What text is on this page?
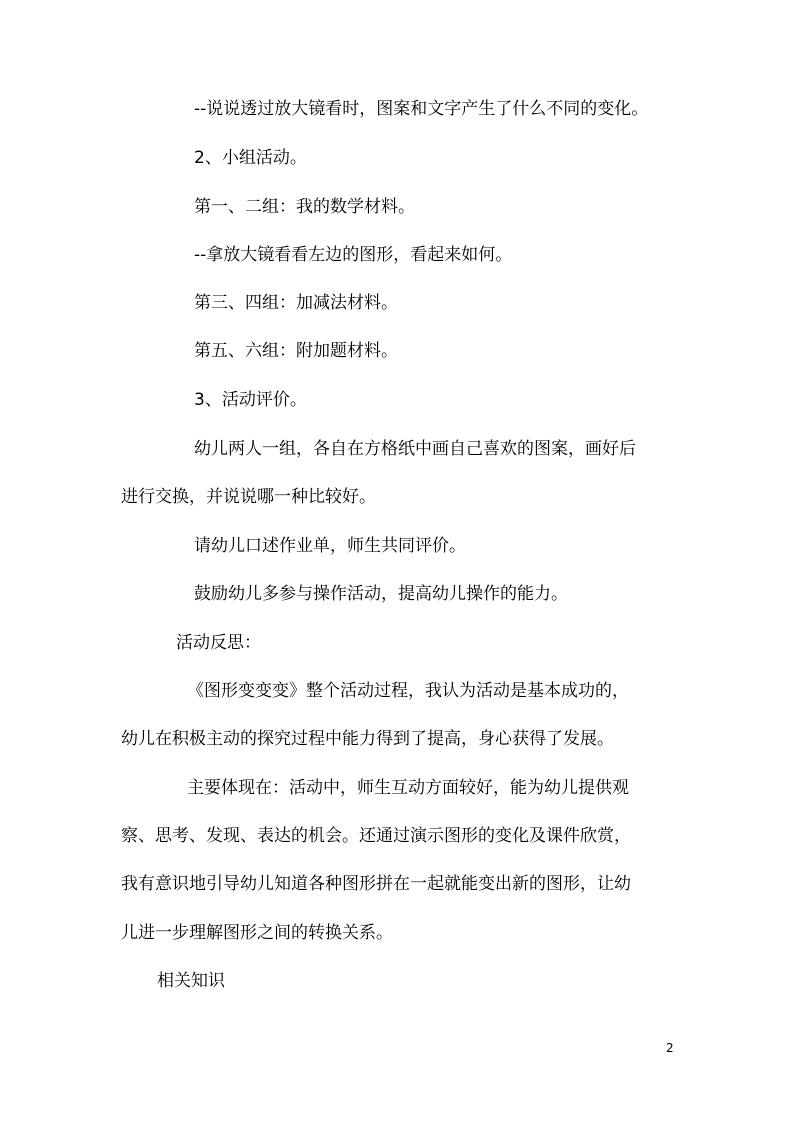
--说说透过放大镜看时，图案和文字产生了什么不同的变化。
2、小组活动。
第一、二组：我的数学材料。
--拿放大镜看看左边的图形，看起来如何。
第三、四组：加减法材料。
第五、六组：附加题材料。
3、活动评价。
幼儿两人一组，各自在方格纸中画自己喜欢的图案，画好后
进行交换，并说说哪一种比较好。
请幼儿口述作业单，师生共同评价。
鼓励幼儿多参与操作活动，提高幼儿操作的能力。
活动反思：
《图形变变变》整个活动过程，我认为活动是基本成功的，
幼儿在积极主动的探究过程中能力得到了提高，身心获得了发展。
主要体现在：活动中，师生互动方面较好，能为幼儿提供观
察、思考、发现、表达的机会。还通过演示图形的变化及课件欣赏，
我有意识地引导幼儿知道各种图形拼在一起就能变出新的图形，让幼
儿进一步理解图形之间的转换关系。
相关知识
2
